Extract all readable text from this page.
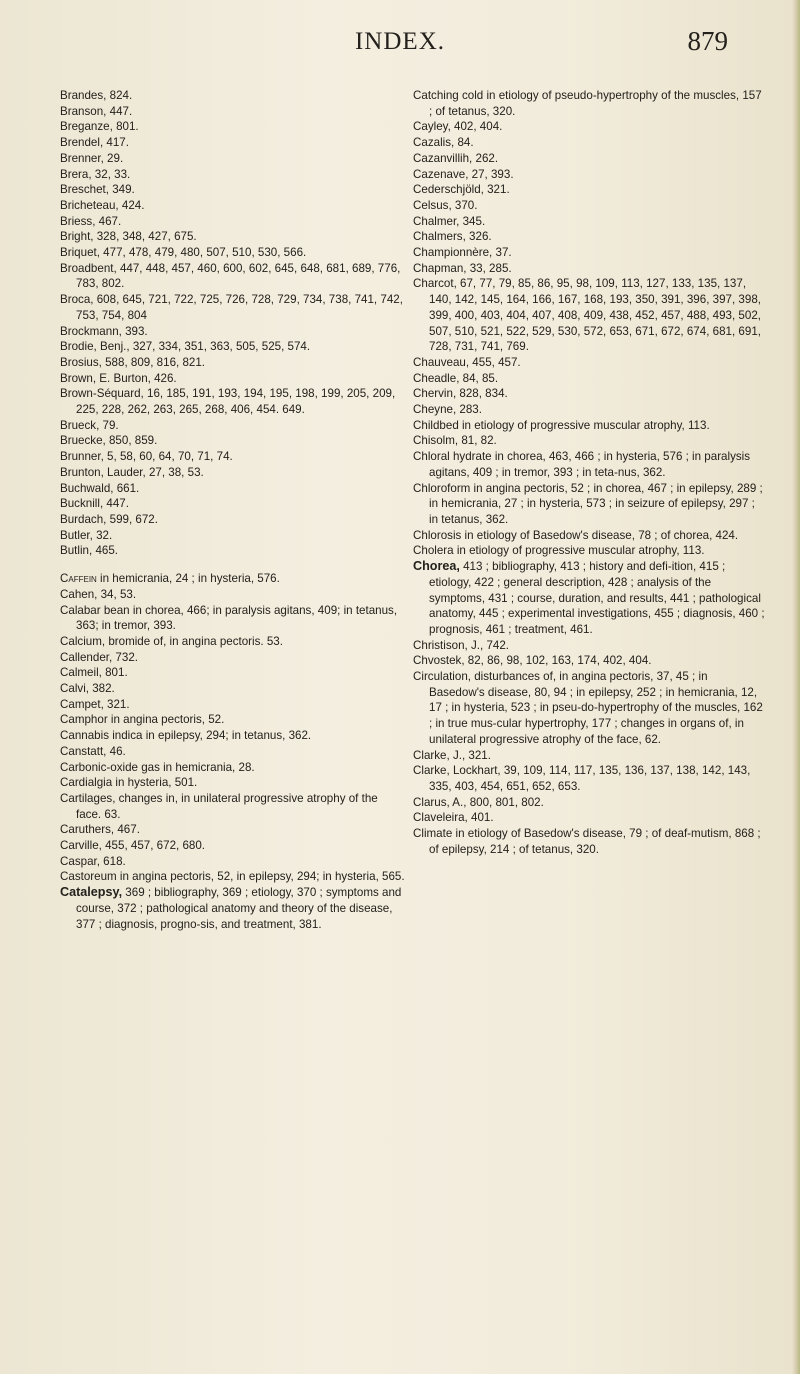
INDEX.	879

Brandes, 824.

Branson, 447.

Breganze, 801.

Brendel, 417.

Brenner, 29.

Brera, 32, 33.

Breschet, 349.

Bricheteau, 424.

Briess, 467.

Bright, 328, 348, 427, 675.

Briquet, 477, 478, 479, 480, 507, 510, 530, 566.

Broadbent, 447, 448, 457, 460, 600, 602, 645, 648, 681, 689, 776, 783, 802.

Broca, 608, 645, 721, 722, 725, 726, 728, 729, 734, 738, 741, 742, 753, 754, 804

Brockmann, 393.

Brodie, Benj., 327, 334, 351, 363, 505, 525, 574.

Brosius, 588, 809, 816, 821.

Brown, E. Burton, 426.

Brown-Séquard, 16, 185, 191, 193, 194, 195, 198, 199, 205, 209, 225, 228, 262, 263, 265, 268, 406, 454. 649.

Brueck, 79.

Bruecke, 850, 859.

Brunner, 5, 58, 60, 64, 70, 71, 74.

Brunton, Lauder, 27, 38, 53.

Buchwald, 661.

Bucknill, 447.

Burdach, 599, 672.

Butler, 32.

Butlin, 465.

Caffein in hemicrania, 24 ; in hysteria, 576.

Cahen, 34, 53.

Calabar bean in chorea, 466; in paralysis agitans, 409; in tetanus, 363; in tremor, 393.

Calcium, bromide of, in angina pectoris. 53.

Callender, 732.

Calmeil, 801.

Calvi, 382.

Campet, 321.

Camphor in angina pectoris, 52.

Cannabis indica in epilepsy, 294; in tetanus, 362.

Canstatt, 46.

Carbonic-oxide gas in hemicrania, 28.

Cardialgia in hysteria, 501.

Cartilages, changes in, in unilateral progressive atrophy of the face. 63.

Caruthers, 467.

Carville, 455, 457, 672, 680.

Caspar, 618.

Castoreum in angina pectoris, 52, in epilepsy, 294; in hysteria, 565.

Catalepsy, 369 ; bibliography, 369 ; etiology, 370 ; symptoms and course, 372 ; pathological anatomy and theory of the disease, 377 ; diagnosis, progno-sis, and treatment, 381.

Catching cold in etiology of pseudo-hypertrophy of the muscles, 157 ; of tetanus, 320.

Cayley, 402, 404.

Cazalis, 84.

Cazanvillih, 262.

Cazenave, 27, 393.

Cederschjöld, 321.

Celsus, 370.

Chalmer, 345.

Chalmers, 326.

Championnère, 37.

Chapman, 33, 285.

Charcot, 67, 77, 79, 85, 86, 95, 98, 109, 113, 127, 133, 135, 137, 140, 142, 145, 164, 166, 167, 168, 193, 350, 391, 396, 397, 398, 399, 400, 403, 404, 407, 408, 409, 438, 452, 457, 488, 493, 502, 507, 510, 521, 522, 529, 530, 572, 653, 671, 672, 674, 681, 691, 728, 731, 741, 769.

Chauveau, 455, 457.

Cheadle, 84, 85.

Chervin, 828, 834.

Cheyne, 283.

Childbed in etiology of progressive muscular atrophy, 113.

Chisolm, 81, 82.

Chloral hydrate in chorea, 463, 466 ; in hysteria, 576 ; in paralysis agitans, 409 ; in tremor, 393 ; in teta-nus, 362.

Chloroform in angina pectoris, 52 ; in chorea, 467 ; in epilepsy, 289 ; in hemicrania, 27 ; in hysteria, 573 ; in seizure of epilepsy, 297 ; in tetanus, 362.

Chlorosis in etiology of Basedow's disease, 78 ; of chorea, 424.

Cholera in etiology of progressive muscular atrophy, 113.

Chorea, 413 ; bibliography, 413 ; history and defi-ition, 415 ; etiology, 422 ; general description, 428 ; analysis of the symptoms, 431 ; course, duration, and results, 441 ; pathological anatomy, 445 ; experimental investigations, 455 ; diagnosis, 460 ; prognosis, 461 ; treatment, 461.

Christison, J., 742.

Chvostek, 82, 86, 98, 102, 163, 174, 402, 404.

Circulation, disturbances of, in angina pectoris, 37, 45 ; in Basedow's disease, 80, 94 ; in epilepsy, 252 ; in hemicrania, 12, 17 ; in hysteria, 523 ; in pseu-do-hypertrophy of the muscles, 162 ; in true mus-cular hypertrophy, 177 ; changes in organs of, in unilateral progressive atrophy of the face, 62.

Clarke, J., 321.

Clarke, Lockhart, 39, 109, 114, 117, 135, 136, 137, 138, 142, 143, 335, 403, 454, 651, 652, 653.

Clarus, A., 800, 801, 802.

Claveleira, 401.

Climate in etiology of Basedow's disease, 79 ; of deaf-mutism, 868 ; of epilepsy, 214 ; of tetanus, 320.
